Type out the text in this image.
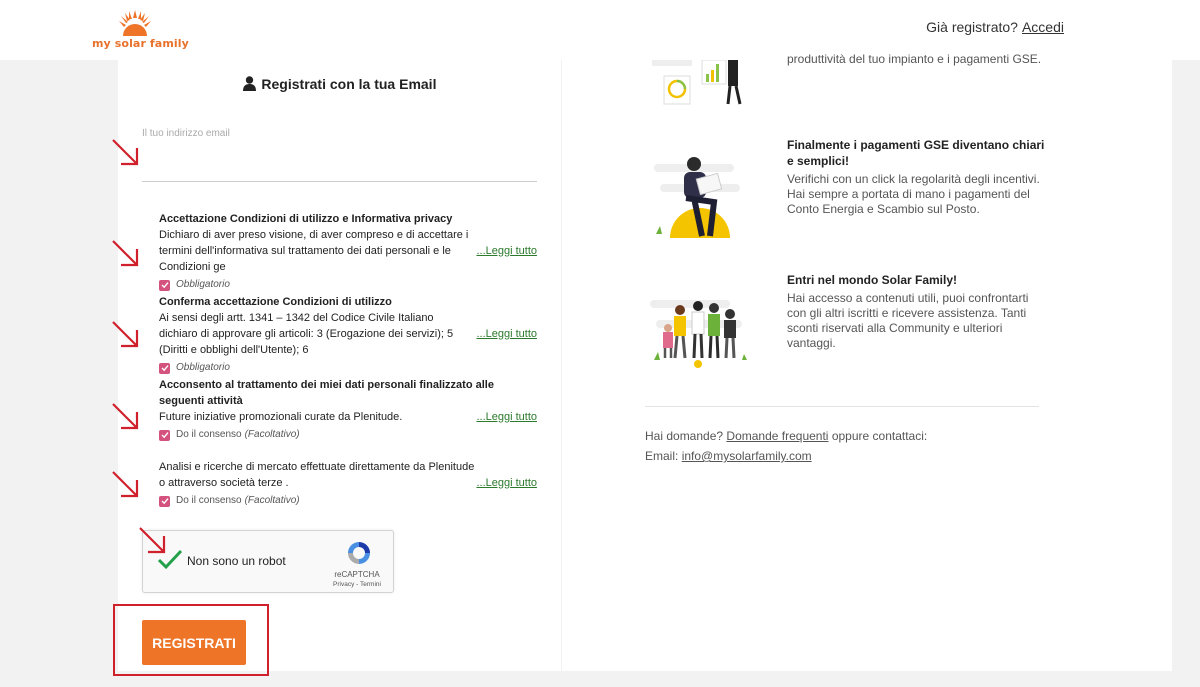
my solar family
Già registrato? Accedi
Registrati con la tua Email
Il tuo indirizzo email
Accettazione Condizioni di utilizzo e Informativa privacy
Dichiaro di aver preso visione, di aver compreso e di accettare i termini dell'informativa sul trattamento dei dati personali e le Condizioni ge
...Leggi tutto
Obbligatorio
Conferma accettazione Condizioni di utilizzo
Ai sensi degli artt. 1341 – 1342 del Codice Civile Italiano dichiaro di approvare gli articoli: 3 (Erogazione dei servizi); 5 (Diritti e obblighi dell'Utente); 6
...Leggi tutto
Obbligatorio
Acconsento al trattamento dei miei dati personali finalizzato alle seguenti attività
Future iniziative promozionali curate da Plenitude.	...Leggi tutto
Do il consenso (Facoltativo)
Analisi e ricerche di mercato effettuate direttamente da Plenitude o attraverso società terze .	...Leggi tutto
Do il consenso (Facoltativo)
Non sono un robot
reCAPTCHA
Privacy - Termini
REGISTRATI
produttività del tuo impianto e i pagamenti GSE.
Finalmente i pagamenti GSE diventano chiari e semplici!
Verifichi con un click la regolarità degli incentivi. Hai sempre a portata di mano i pagamenti del Conto Energia e Scambio sul Posto.
Entri nel mondo Solar Family!
Hai accesso a contenuti utili, puoi confrontarti con gli altri iscritti e ricevere assistenza. Tanti sconti riservati alla Community e ulteriori vantaggi.
Hai domande? Domande frequenti oppure contattaci:
Email: info@mysolarfamily.com
